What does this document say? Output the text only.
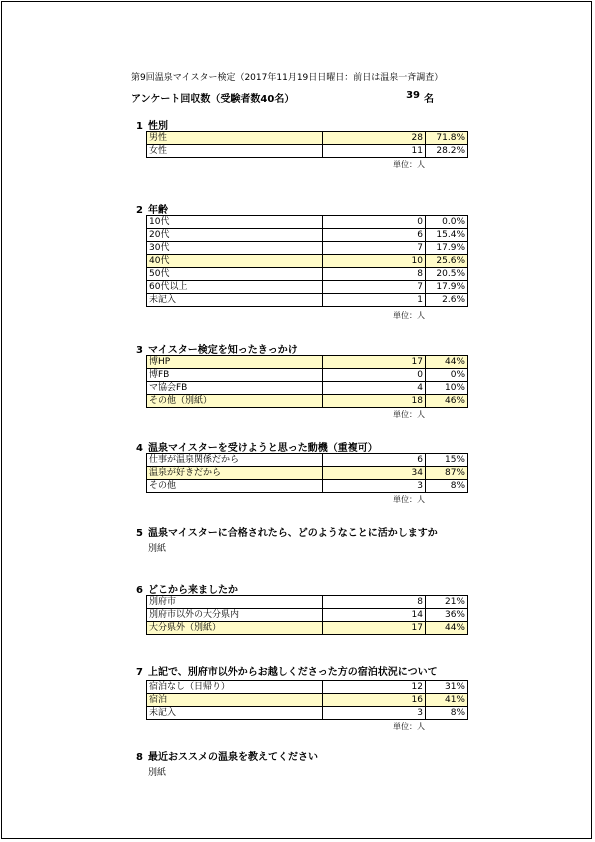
第9回温泉マイスター検定（2017年11月19日日曜日：前日は温泉一斉調査）
アンケート回収数（受験者数40名）	39 名
1 性別
男性	28	71.8%
女性	11	28.2%
単位：人
2 年齢
10代	0	0.0%
20代	6	15.4%
30代	7	17.9%
40代	10	25.6%
50代	8	20.5%
60代以上	7	17.9%
未記入	1	2.6%
単位：人
3 マイスター検定を知ったきっかけ
博HP	17	44%
博FB	0	0%
マ協会FB	4	10%
その他（別紙）	18	46%
単位：人
4 温泉マイスターを受けようと思った動機（重複可）
仕事が温泉関係だから	6	15%
温泉が好きだから	34	87%
その他	3	8%
単位：人
5 温泉マイスターに合格されたら、どのようなことに活かしますか
別紙
6 どこから来ましたか
別府市	8	21%
別府市以外の大分県内	14	36%
大分県外（別紙）	17	44%
7 上記で、別府市以外からお越しくださった方の宿泊状況について
宿泊なし（日帰り）	12	31%
宿泊	16	41%
未記入	3	8%
単位：人
8 最近おススメの温泉を教えてください
別紙
